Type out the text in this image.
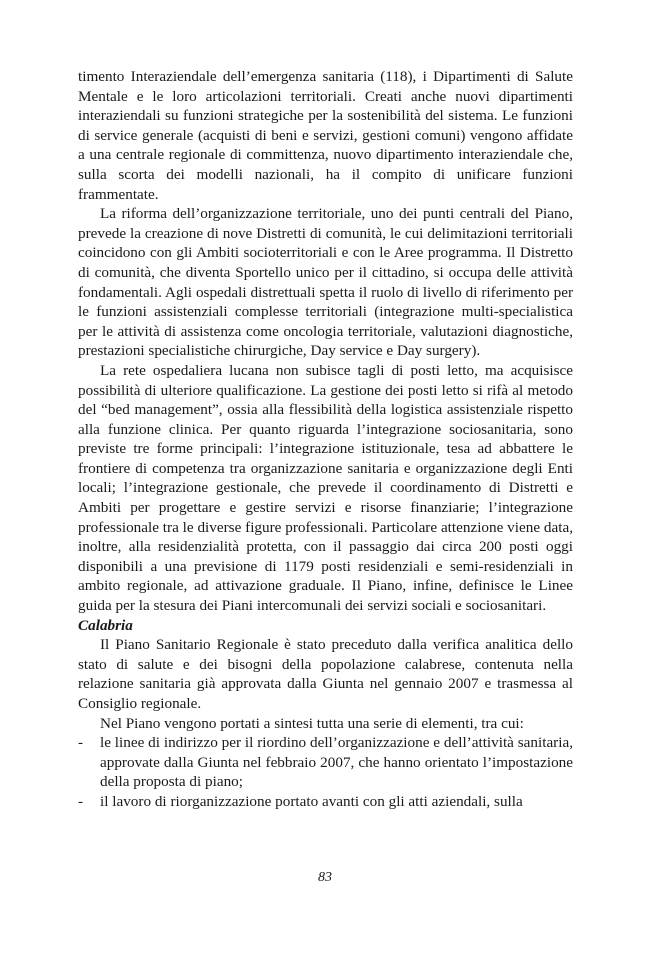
timento Interaziendale dell’emergenza sanitaria (118), i Dipartimenti di Salute Mentale e le loro articolazioni territoriali. Creati anche nuovi dipartimenti interaziendali su funzioni strategiche per la sostenibilità del sistema. Le funzioni di service generale (acquisti di beni e servizi, gestioni comuni) vengono affidate a una centrale regionale di committenza, nuovo dipartimento interaziendale che, sulla scorta dei modelli nazionali, ha il compito di unificare funzioni frammentate.

La riforma dell’organizzazione territoriale, uno dei punti centrali del Piano, prevede la creazione di nove Distretti di comunità, le cui delimitazioni territoriali coincidono con gli Ambiti socioterritoriali e con le Aree programma. Il Distretto di comunità, che diventa Sportello unico per il cittadino, si occupa delle attività fondamentali. Agli ospedali distrettuali spetta il ruolo di livello di riferimento per le funzioni assistenziali complesse territoriali (integrazione multi-specialistica per le attività di assistenza come oncologia territoriale, valutazioni diagnostiche, prestazioni specialistiche chirurgiche, Day service e Day surgery).

La rete ospedaliera lucana non subisce tagli di posti letto, ma acquisisce possibilità di ulteriore qualificazione. La gestione dei posti letto si rifà al metodo del “bed management”, ossia alla flessibilità della logistica assistenziale rispetto alla funzione clinica. Per quanto riguarda l’integrazione sociosanitaria, sono previste tre forme principali: l’integrazione istituzionale, tesa ad abbattere le frontiere di competenza tra organizzazione sanitaria e organizzazione degli Enti locali; l’integrazione gestionale, che prevede il coordinamento di Distretti e Ambiti per progettare e gestire servizi e risorse finanziarie; l’integrazione professionale tra le diverse figure professionali. Particolare attenzione viene data, inoltre, alla residenzialità protetta, con il passaggio dai circa 200 posti oggi disponibili a una previsione di 1179 posti residenziali e semi-residenziali in ambito regionale, ad attivazione graduale. Il Piano, infine, definisce le Linee guida per la stesura dei Piani intercomunali dei servizi sociali e sociosanitari.

Calabria

Il Piano Sanitario Regionale è stato preceduto dalla verifica analitica dello stato di salute e dei bisogni della popolazione calabrese, contenuta nella relazione sanitaria già approvata dalla Giunta nel gennaio 2007 e trasmessa al Consiglio regionale.

Nel Piano vengono portati a sintesi tutta una serie di elementi, tra cui:

- le linee di indirizzo per il riordino dell’organizzazione e dell’attività sanitaria, approvate dalla Giunta nel febbraio 2007, che hanno orientato l’impostazione della proposta di piano;
- il lavoro di riorganizzazione portato avanti con gli atti aziendali, sulla
83
